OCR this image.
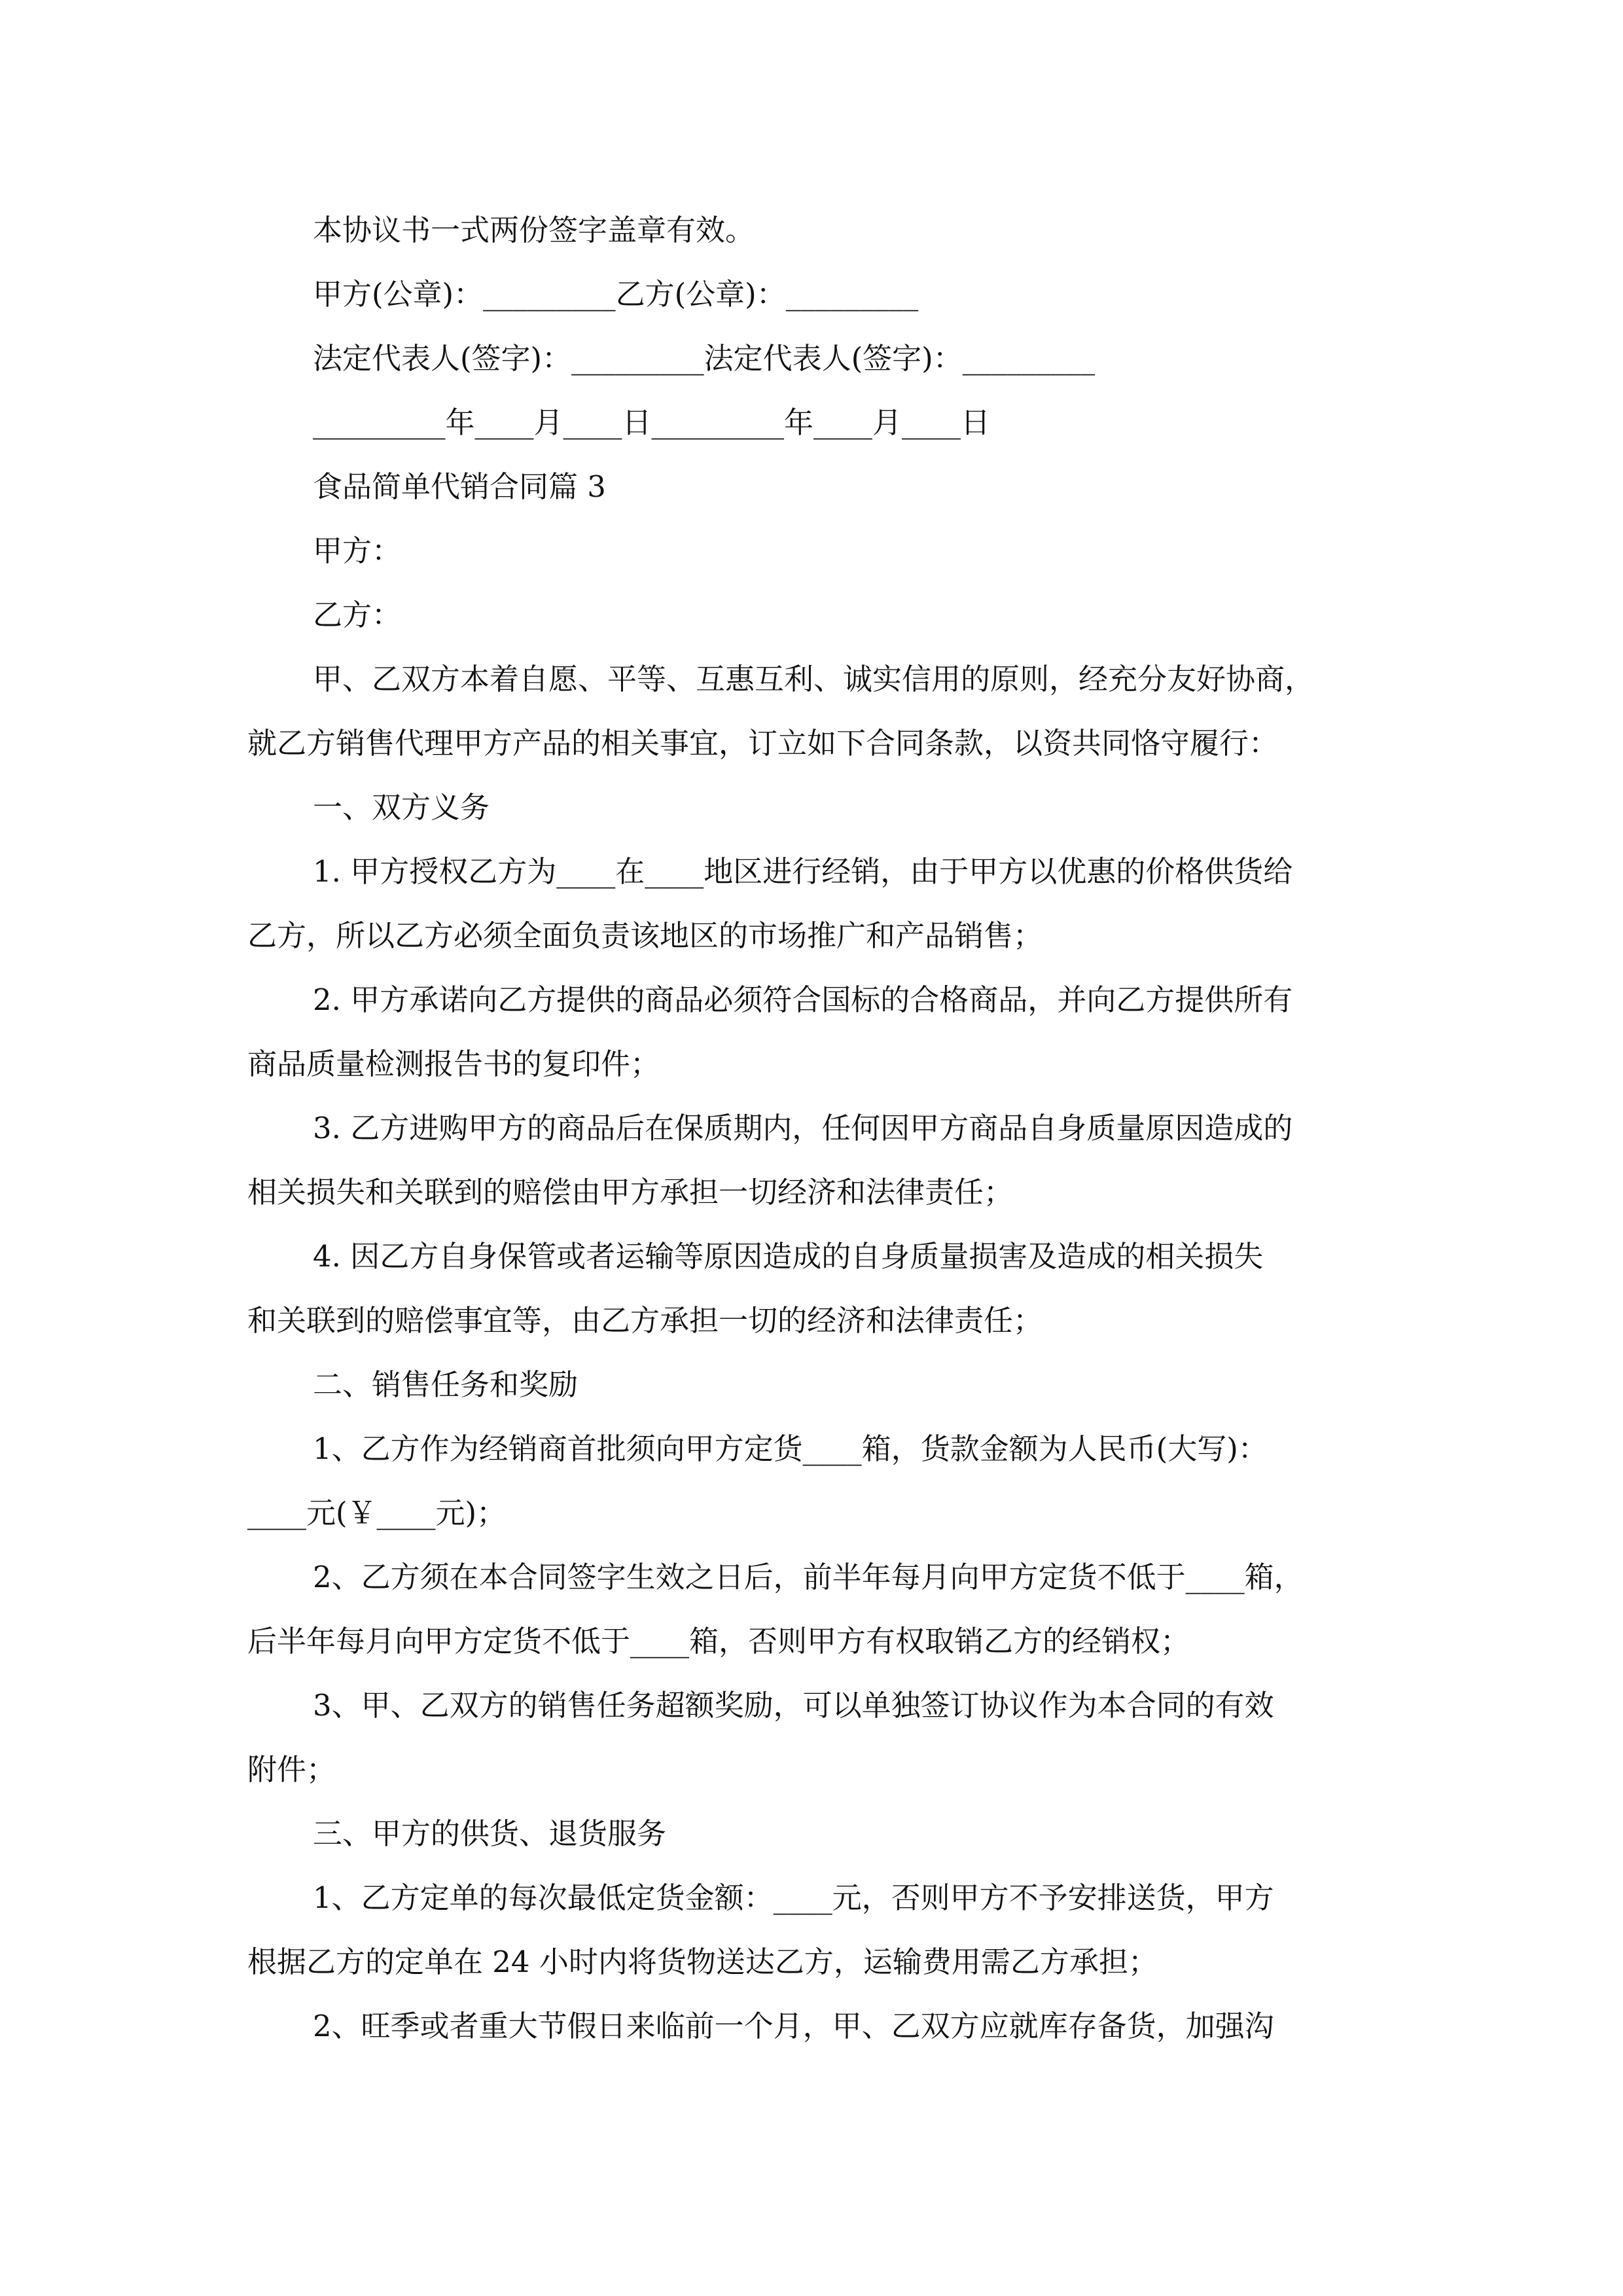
本协议书一式两份签字盖章有效。
甲方(公章)：_________乙方(公章)：_________
法定代表人(签字)：_________法定代表人(签字)：_________
_________年____月____日_________年____月____日
食品简单代销合同篇 3
甲方：
乙方：
甲、乙双方本着自愿、平等、互惠互利、诚实信用的原则，经充分友好协商，
就乙方销售代理甲方产品的相关事宜，订立如下合同条款，以资共同恪守履行：
一、双方义务
1. 甲方授权乙方为____在____地区进行经销，由于甲方以优惠的价格供货给
乙方，所以乙方必须全面负责该地区的市场推广和产品销售；
2. 甲方承诺向乙方提供的商品必须符合国标的合格商品，并向乙方提供所有
商品质量检测报告书的复印件；
3. 乙方进购甲方的商品后在保质期内，任何因甲方商品自身质量原因造成的
相关损失和关联到的赔偿由甲方承担一切经济和法律责任；
4. 因乙方自身保管或者运输等原因造成的自身质量损害及造成的相关损失
和关联到的赔偿事宜等，由乙方承担一切的经济和法律责任；
二、销售任务和奖励
1、乙方作为经销商首批须向甲方定货____箱，货款金额为人民币(大写)：
____元(￥____元)；
2、乙方须在本合同签字生效之日后，前半年每月向甲方定货不低于____箱，
后半年每月向甲方定货不低于____箱，否则甲方有权取销乙方的经销权；
3、甲、乙双方的销售任务超额奖励，可以单独签订协议作为本合同的有效
附件；
三、甲方的供货、退货服务
1、乙方定单的每次最低定货金额：____元，否则甲方不予安排送货，甲方
根据乙方的定单在 24 小时内将货物送达乙方，运输费用需乙方承担；
2、旺季或者重大节假日来临前一个月，甲、乙双方应就库存备货，加强沟
